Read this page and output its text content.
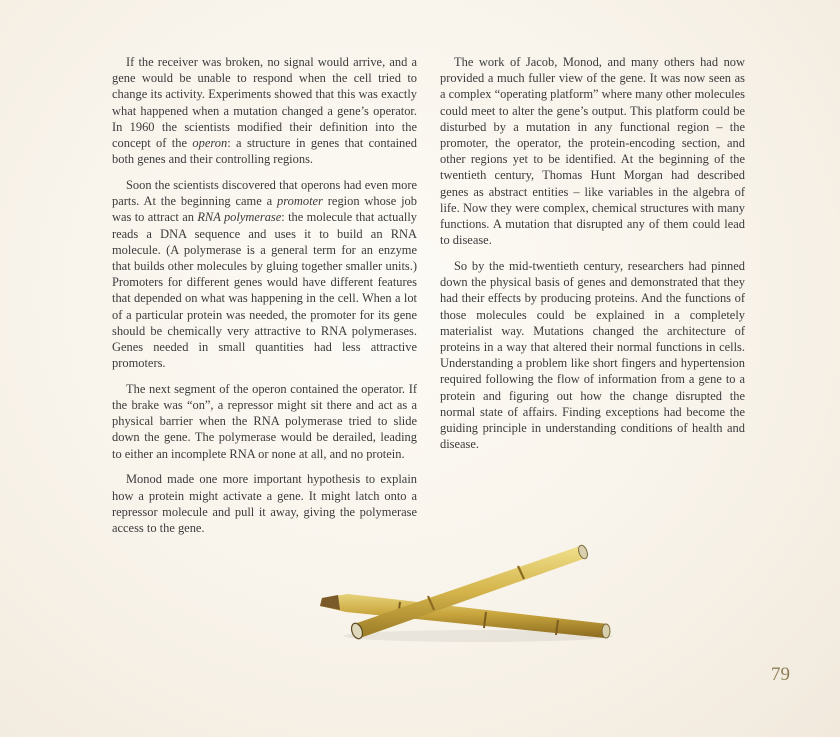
If the receiver was broken, no signal would arrive, and a gene would be unable to respond when the cell tried to change its activity. Experiments showed that this was exactly what happened when a mutation changed a gene’s operator. In 1960 the scientists modified their definition into the concept of the operon: a structure in genes that contained both genes and their controlling regions.

Soon the scientists discovered that operons had even more parts. At the beginning came a promoter region whose job was to attract an RNA polymerase: the molecule that actually reads a DNA sequence and uses it to build an RNA molecule. (A polymerase is a general term for an enzyme that builds other molecules by gluing together smaller units.) Promoters for different genes would have different features that depended on what was happening in the cell. When a lot of a particular protein was needed, the promoter for its gene should be chemically very attractive to RNA polymerases. Genes needed in small quantities had less attractive promoters.

The next segment of the operon contained the operator. If the brake was “on”, a repressor might sit there and act as a physical barrier when the RNA polymerase tried to slide down the gene. The polymerase would be derailed, leading to either an incomplete RNA or none at all, and no protein.

Monod made one more important hypothesis to explain how a protein might activate a gene. It might latch onto a repressor molecule and pull it away, giving the polymerase access to the gene.

The work of Jacob, Monod, and many others had now provided a much fuller view of the gene. It was now seen as a complex “operating platform” where many other molecules could meet to alter the gene’s output. This platform could be disturbed by a mutation in any functional region – the promoter, the operator, the protein-encoding section, and other regions yet to be identified. At the beginning of the twentieth century, Thomas Hunt Morgan had described genes as abstract entities – like variables in the algebra of life. Now they were complex, chemical structures with many functions. A mutation that disrupted any of them could lead to disease.

So by the mid-twentieth century, researchers had pinned down the physical basis of genes and demonstrated that they had their effects by producing proteins. And the functions of those molecules could be explained in a completely materialist way. Mutations changed the architecture of proteins in a way that altered their normal functions in cells. Understanding a problem like short fingers and hypertension required following the flow of information from a gene to a protein and figuring out how the change disrupted the normal state of affairs. Finding exceptions had become the guiding principle in understanding conditions of health and disease.

79
